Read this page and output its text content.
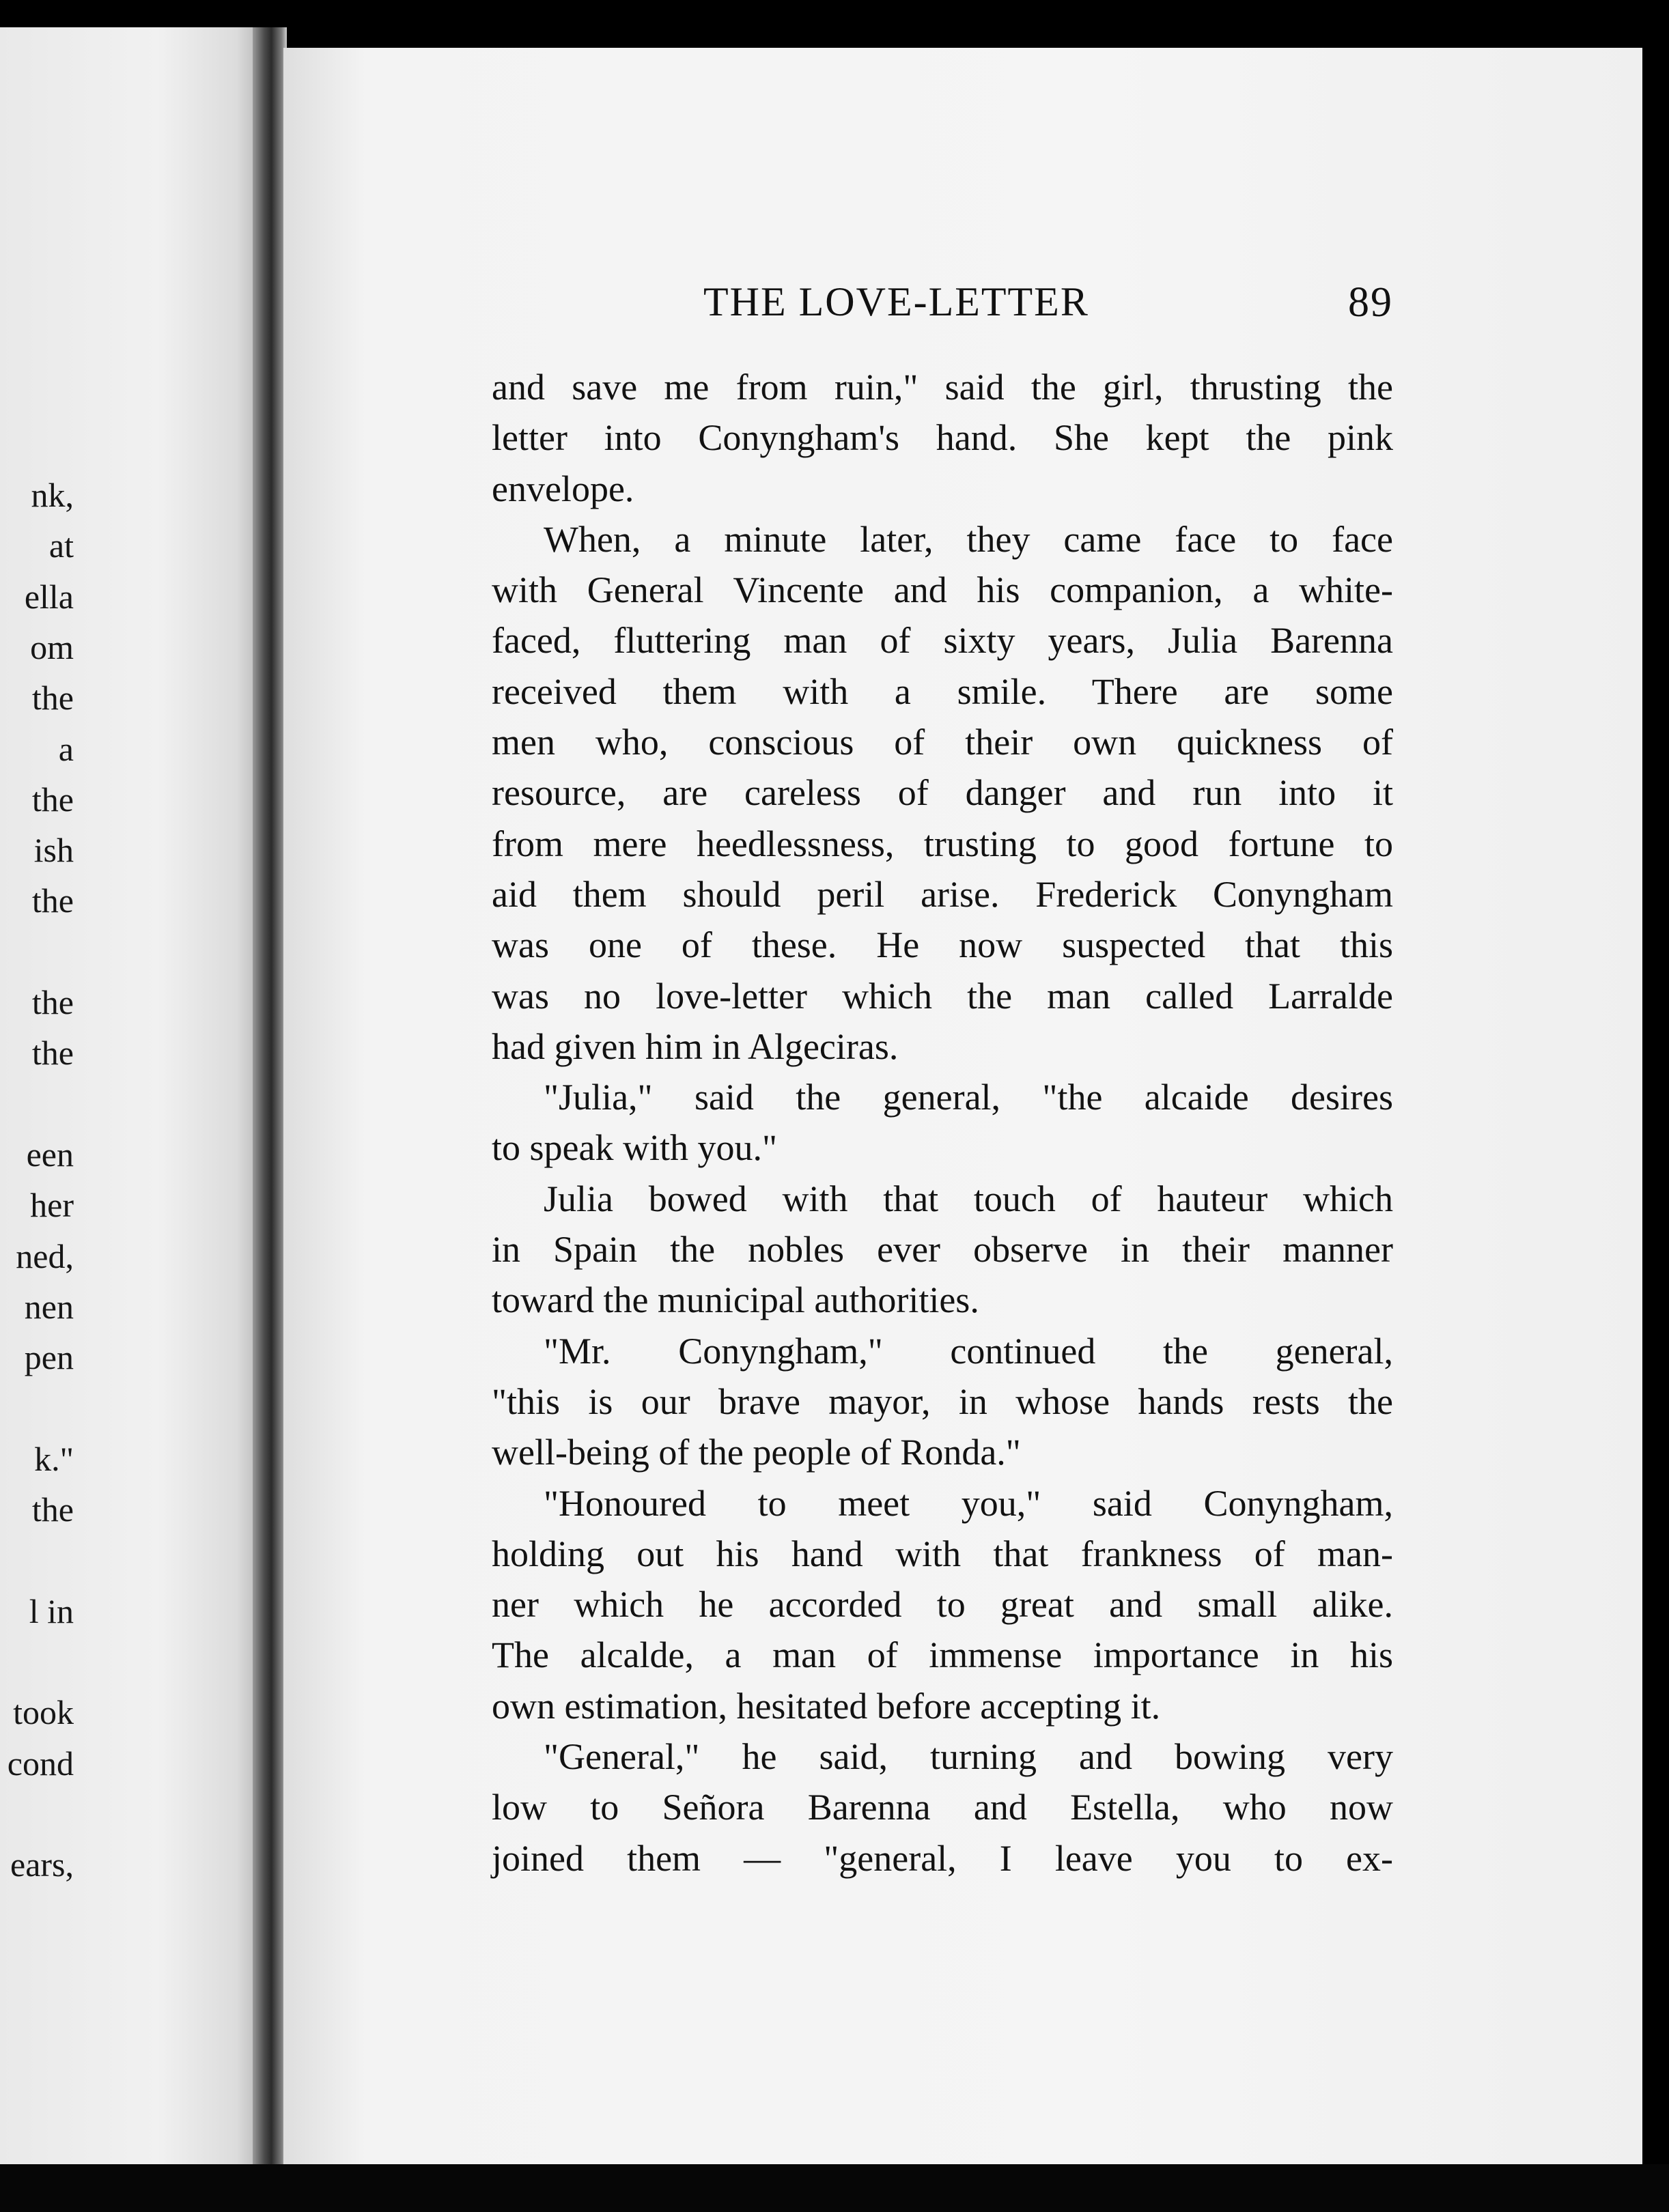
nk,
at
ella
om
the
a
the
ish
the
the
the
een
her
ned,
nen
pen
k."
the
l in
took
cond
ears,
THE LOVE-LETTER	89
and save me from ruin," said the girl, thrusting the
letter into Conyngham's hand. She kept the pink
envelope.
When, a minute later, they came face to face
with General Vincente and his companion, a white-
faced, fluttering man of sixty years, Julia Barenna
received them with a smile. There are some
men who, conscious of their own quickness of
resource, are careless of danger and run into it
from mere heedlessness, trusting to good fortune to
aid them should peril arise. Frederick Conyngham
was one of these. He now suspected that this
was no love-letter which the man called Larralde
had given him in Algeciras.
"Julia," said the general, "the alcaide desires
to speak with you."
Julia bowed with that touch of hauteur which
in Spain the nobles ever observe in their manner
toward the municipal authorities.
"Mr. Conyngham," continued the general,
"this is our brave mayor, in whose hands rests the
well-being of the people of Ronda."
"Honoured to meet you," said Conyngham,
holding out his hand with that frankness of man-
ner which he accorded to great and small alike.
The alcalde, a man of immense importance in his
own estimation, hesitated before accepting it.
"General," he said, turning and bowing very
low to Señora Barenna and Estella, who now
joined them — "general, I leave you to ex-
